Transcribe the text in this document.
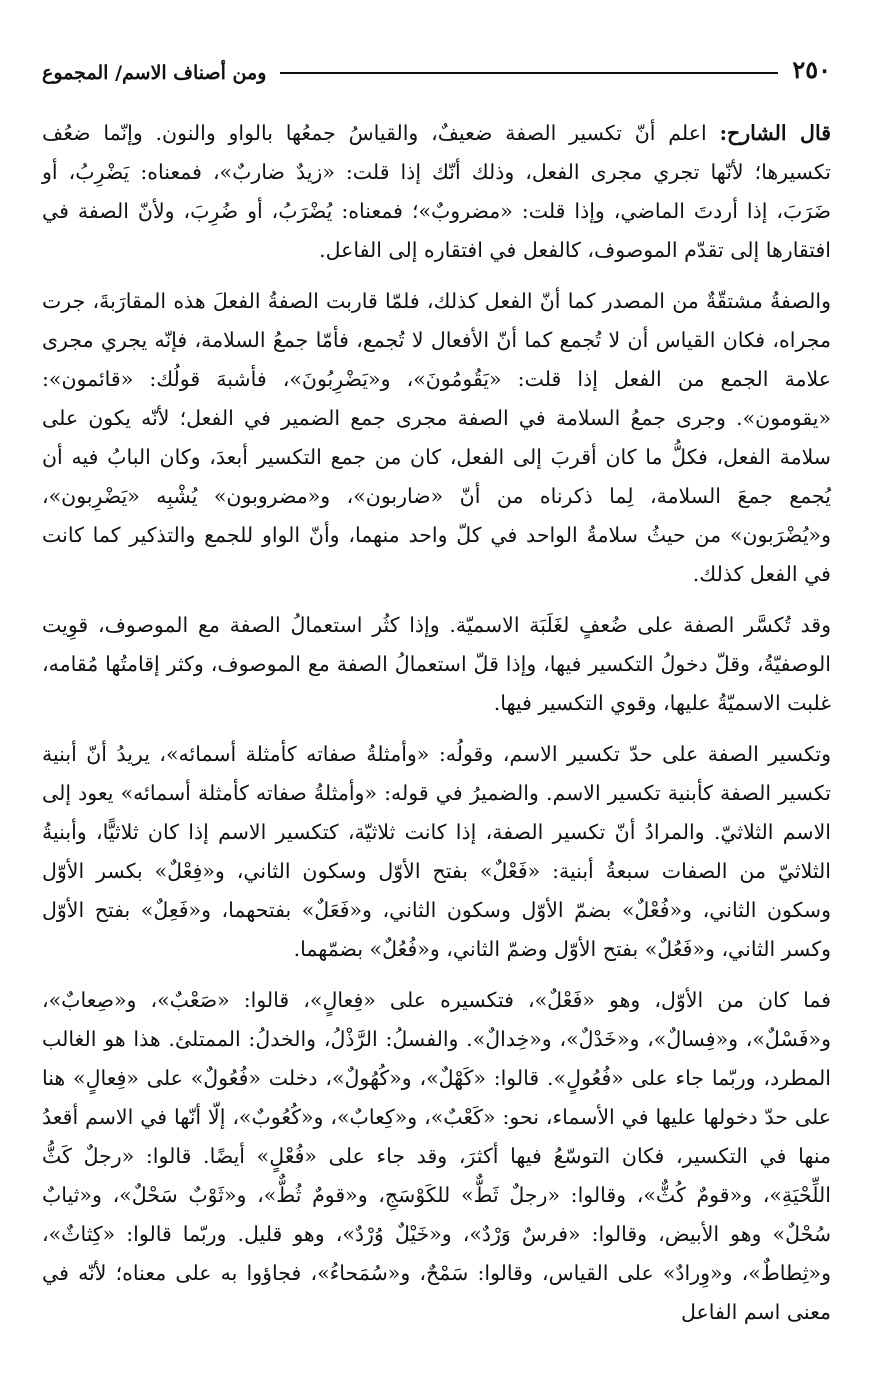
٢٥٠
ومن أصناف الاسم/ المجموع

قال الشارح: اعلم أنّ تكسير الصفة ضعيفٌ، والقياسُ جمعُها بالواو والنون. وإنّما ضعُف تكسيرها؛ لأنّها تجري مجرى الفعل، وذلك أنّك إذا قلت: «زيدٌ ضاربٌ»، فمعناه: يَضْرِبُ، أو ضَرَبَ، إذا أردتَ الماضي، وإذا قلت: «مضروبٌ»؛ فمعناه: يُضْرَبُ، أو ضُرِبَ، ولأنّ الصفة في افتقارها إلى تقدّم الموصوف، كالفعل في افتقاره إلى الفاعل.

والصفةُ مشتقّةٌ من المصدر كما أنّ الفعل كذلك، فلمّا قاربت الصفةُ الفعلَ هذه المقارَبةَ، جرت مجراه، فكان القياس أن لا تُجمع كما أنّ الأفعال لا تُجمع، فأمّا جمعُ السلامة، فإنّه يجري مجرى علامة الجمع من الفعل إذا قلت: «يَقُومُونَ»، و«يَضْرِبُونَ»، فأشبهَ قولُك: «قائمون»: «يقومون». وجرى جمعُ السلامة في الصفة مجرى جمع الضمير في الفعل؛ لأنّه يكون على سلامة الفعل، فكلُّ ما كان أقربَ إلى الفعل، كان من جمع التكسير أبعدَ، وكان البابُ فيه أن يُجمع جمعَ السلامة، لِما ذكرناه من أنّ «ضاربون»، و«مضروبون» يُشْبِه «يَضْرِبون»، و«يُضْرَبون» من حيثُ سلامةُ الواحد في كلّ واحد منهما، وأنّ الواو للجمع والتذكير كما كانت في الفعل كذلك.

وقد تُكسَّر الصفة على ضُعفٍ لغَلَبَة الاسميّة. وإذا كثُر استعمالُ الصفة مع الموصوف، قوِيت الوصفيّةُ، وقلّ دخولُ التكسير فيها، وإذا قلّ استعمالُ الصفة مع الموصوف، وكثر إقامتُها مُقامه، غلبت الاسميّةُ عليها، وقوي التكسير فيها.

وتكسير الصفة على حدّ تكسير الاسم، وقولُه: «وأمثلةُ صفاته كأمثلة أسمائه»، يريدُ أنّ أبنية تكسير الصفة كأبنية تكسير الاسم. والضميرُ في قوله: «وأمثلةُ صفاته كأمثلة أسمائه» يعود إلى الاسم الثلاثيّ. والمرادُ أنّ تكسير الصفة، إذا كانت ثلاثيّة، كتكسير الاسم إذا كان ثلاثيًّا، وأبنيةُ الثلاثيّ من الصفات سبعةُ أبنية: «فَعْلٌ» بفتح الأوّل وسكون الثاني، و«فِعْلٌ» بكسر الأوّل وسكون الثاني، و«فُعْلٌ» بضمّ الأوّل وسكون الثاني، و«فَعَلٌ» بفتحهما، و«فَعِلٌ» بفتح الأوّل وكسر الثاني، و«فَعُلٌ» بفتح الأوّل وضمّ الثاني، و«فُعُلٌ» بضمّهما.

فما كان من الأوّل، وهو «فَعْلٌ»، فتكسيره على «فِعالٍ»، قالوا: «صَعْبٌ»، و«صِعابٌ»، و«فَسْلٌ»، و«فِسالٌ»، و«خَدْلٌ»، و«خِدالٌ». والفسلُ: الرَّذْلُ، والخدلُ: الممتلئ. هذا هو الغالب المطرد، وربّما جاء على «فُعُولٍ». قالوا: «كَهْلٌ»، و«كُهُولٌ»، دخلت «فُعُولٌ» على «فِعالٍ» هنا على حدّ دخولها عليها في الأسماء، نحو: «كَعْبٌ»، و«كِعابٌ»، و«كُعُوبٌ»، إلّا أنّها في الاسم أقعدُ منها في التكسير، فكان التوسّعُ فيها أكثرَ، وقد جاء على «فُعْلٍ» أيضًا. قالوا: «رجلٌ كَثُّ اللِّحْيَةِ»، و«قومٌ كُثٌّ»، وقالوا: «رجلٌ ثَطٌّ» للكَوْسَجِ، و«قومٌ ثُطٌّ»، و«ثَوْبٌ سَحْلٌ»، و«ثيابٌ سُحْلٌ» وهو الأبيض، وقالوا: «فرسٌ وَرْدٌ»، و«خَيْلٌ وُرْدٌ»، وهو قليل. وربّما قالوا: «كِثاثٌ»، و«ثِطاطٌ»، و«وِرادٌ» على القياس، وقالوا: سَمْحٌ، و«سُمَحاءُ»، فجاؤوا به على معناه؛ لأنّه في معنى اسم الفاعل
